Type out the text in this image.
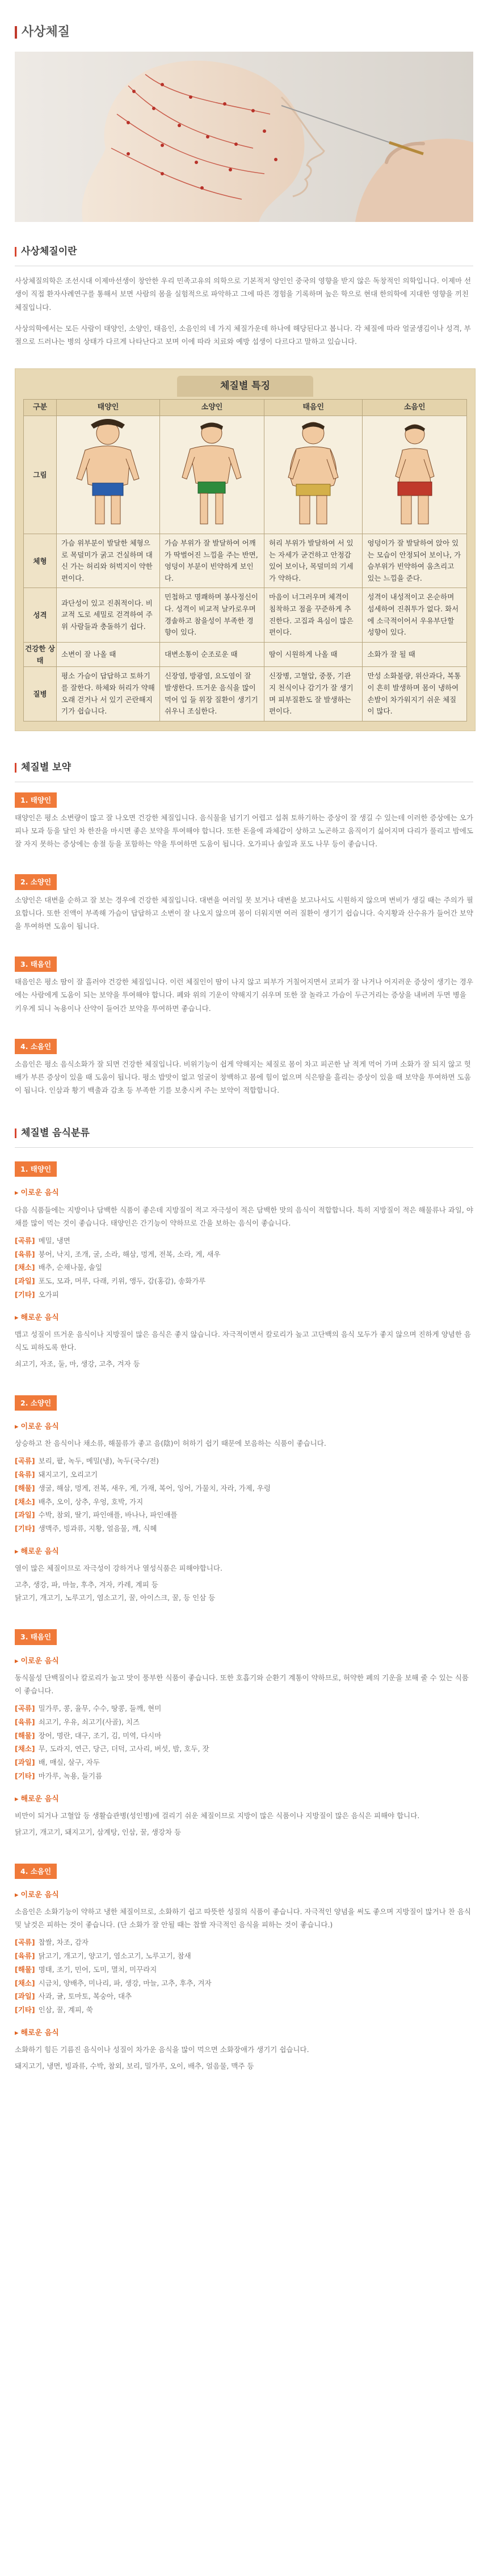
사상체질
사상체질이란

사상체질의학은 조선시대 이제마선생이 창안한 우리 민족고유의 의학으로 기본적저 양인인 중국의 영향을 받지 않은 독창적인 의학입니다. 이제마 선생이 직접 환자사례연구를 통해서 보면 사람의 몸을 실험적으로 파악하고 그에 따른 경험을 기록하며 높은 학으로 현대 한의학에 지대한 영향을 끼친 체질입니다.

사상의학에서는 모든 사람이 태양인, 소양인, 태음인, 소음인의 네 가지 체질가운데 하나에 해당된다고 봅니다. 각 체질에 따라 얼굴생김이나 성격, 부절으로 드러나는 병의 상태가 다르게 나타난다고 보며 이에 따라 치료와 예방 섭생이 다르다고 말하고 있습니다.

체질별 특징
구분	태양인	소양인	태음인	소음인
그림				
체형	가슴 위부분이 발달한 체형으로 목덜미가 굵고 건실하며 대신 가는 허리와 허벅지이 약한 편이다.	가슴 부위가 잘 발달하여 어깨가 딱벌어진 느낌을 주는 반면, 엉덩이 부분이 빈약하게 보인다.	허리 부위가 발달하여 서 있는 자세가 굳건하고 안정감 있어 보이나, 목덜미의 기세가 약하다.	엉덩이가 잘 발달하여 앉아 있는 모습이 안정되어 보이나, 가슴부위가 빈약하여 움츠리고 있는 느낌을 준다.
성격	과단성이 있고 진취적이다. 비교적 도로 세밀로 걷격하여 주위 사람들과 충돌하기 쉽다.	민첩하고 명쾌하며 봉사정신이다. 성격이 비교적 날카로우며 경솔하고 참을성이 부족한 경향이 있다.	마음이 너그러우며 체격이 침착하고 점을 꾸준하게 추진한다. 고집과 욕심이 많은 편이다.	성격이 내성적이고 온순하며 섬세하여 진취투가 없다. 화서에 소극적이어서 우유부단할 성향이 있다.
건강한 상태	소변이 잘 나올 때	대변소통이 순조로운 때	땀이 시원하게 나올 때	소화가 잘 될 때
질병	평소 가슴이 답답하고 토하기를 잘한다. 하체와 허리가 약해 오래 걷거나 서 있기 곤란해지기가 쉽습니다.	신장염, 방광염, 요도염이 잘 발생한다. 뜨거운 음식을 많이 먹어 입 들 위장 질환이 생기기 쉬우니 조심한다.	신장병, 고혈압, 중풍, 기관지 천식이나 감기가 잘 생기며 피부질환도 잘 발생하는 편이다.	만성 소화불량, 위산과다, 복통이 흔히 발생하며 몸이 냉하여 손발이 차가워지기 쉬운 체질이 많다.
체질별 보약
1. 태양인

태양인은 평소 소변량이 많고 잘 나오면 건강한 체질입니다. 음식물을 넘기기 어렵고 섭취 토하기하는 증상이 잘 생길 수 있는데 이러한 증상에는 오가피나 모과 등을 달인 차 한잔을 마시면 좋은 보약을 투여해야 합니다. 또한 돈을에 과체감이 상하고 노곤하고 움직이기 싫어지며 다리가 풀리고 밤에도 잘 자지 못하는 증상에는 송절 등을 포함하는 약을 투여하면 도움이 됩니다. 오가피나 솔잎과 포도 나무 등이 좋습니다.

2. 소양인

소양인은 대변을 순하고 잘 보는 경우에 건강한 체질입니다. 대변을 여러일 못 보거나 대변을 보고나서도 시원하지 않으며 변비가 생길 때는 주의가 필요합니다. 또한 진액이 부족해 가슴이 답답하고 소변이 잘 나오지 않으며 몸이 더워지면 여러 질환이 생기기 쉽습니다. 숙지황과 산수유가 들어간 보약을 투여하면 도움이 됩니다.

3. 태음인

태음인은 평소 땀이 잘 흘러야 건강한 체질입니다. 이런 체질인이 땀이 나지 않고 피부가 거칠어지면서 코피가 잘 나거나 어지러운 증상이 생기는 경우에는 사람에게 도움이 되는 보약을 투여해야 합니다. 폐와 위의 기운이 약해지기 쉬우며 또한 잘 놀라고 가슴이 두근거리는 증상을 내버려 두면 병을 키우게 되니 녹용이나 산약이 들어간 보약을 투여하면 좋습니다.

4. 소음인

소음인은 평소 음식소화가 잘 되면 건강한 체질입니다. 비위기능이 쉽게 약해지는 체질로 몸이 차고 피곤한 날 적게 먹어 가며 소화가 잘 되지 않고 헛배가 부른 증상이 있을 때 도움이 됩니다. 평소 밥맛이 없고 얼굴이 창백하고 몸에 힘이 없으며 식은땀을 흘리는 증상이 있을 때 보약을 투여하면 도움이 됩니다. 인삼과 황기 백출과 감초 등 부족한 기를 보충시켜 주는 보약이 적합합니다.

체질별 음식분류
1. 태양인
▸ 이로운 음식

다음 식품들에는 지방이나 담백한 식품이 좋은데 지방질이 적고 자극성이 적은 담백한 맛의 음식이 적합합니다. 특히 지방질이 적은 해물류나 과일, 야채를 많이 먹는 것이 좋습니다. 태양인은 간기능이 약하므로 간을 보하는 음식이 좋습니다.

[곡류] 메밀, 냉면
[육류] 붕어, 낙지, 조개, 굴, 소라, 해삼, 멍게, 전복, 소라, 게, 새우
[채소] 배추, 순채나물, 솔잎
[과일] 포도, 모과, 머루, 다래, 키위, 앵두, 감(홍감), 송화가루
[기타] 오가피
▸ 해로운 음식

맵고 성질이 뜨거운 음식이나 지방질이 많은 음식은 좋지 않습니다. 자극적이면서 칼로리가 높고 고단백의 음식 모두가 좋지 않으며 진하게 양념한 음식도 피하도록 한다.

쇠고기, 자조, 둘, 마, 생강, 고추, 겨자 등

2. 소양인
▸ 이로운 음식

상승하고 찬 음식이나 채소류, 해물류가 좋고 음(陰)이 허하기 쉽기 때문에 보음하는 식품이 좋습니다.

[곡류] 보리, 팥, 녹두, 메밀(냉), 녹두(국수/전)
[육류] 돼지고기, 오리고기
[해물] 생굴, 해삼, 멍게, 전복, 새우, 게, 가재, 복어, 잉어, 가물치, 자라, 가제, 우렁
[채소] 배추, 오이, 상추, 우엉, 호박, 가지
[과일] 수박, 참외, 딸기, 파인애플, 바나나, 파인애플
[기타] 생맥주, 빙과류, 지황, 얼음물, 깨, 식혜
▸ 해로운 음식

열이 많은 체질이므로 자극성이 강하거나 열성식품은 피해야합니다.

고추, 생강, 파, 마늘, 후추, 겨자, 카레, 계피 등
닭고기, 개고기, 노루고기, 염소고기, 꿀, 아이스크, 꿀, 등 인삼 등

3. 태음인
▸ 이로운 음식

동식물성 단백질이나 칼로리가 높고 맛이 풍부한 식품이 좋습니다. 또한 호흡기와 순환기 계통이 약하므로, 허약한 폐의 기운을 보해 줄 수 있는 식품이 좋습니다.

[곡류] 밀가루, 콩, 율무, 수수, 땅콩, 들깨, 현미
[육류] 쇠고기, 우유, 쇠고기(사골), 치즈
[해물] 장어, 명란, 대구, 조기, 김, 미역, 다시마
[채소] 무, 도라지, 연근, 당근, 더덕, 고사리, 버섯, 밤, 호두, 잣
[과일] 배, 매실, 살구, 자두
[기타] 마가루, 녹용, 들기름
▸ 해로운 음식

비만이 되거나 고혈압 등 생활습관병(성인병)에 걸리기 쉬운 체질이므로 지방이 많은 식품이나 지방질이 많은 음식은 피해야 합니다.

닭고기, 개고기, 돼지고기, 삼계탕, 인삼, 꿀, 생강차 등

4. 소음인
▸ 이로운 음식

소음인은 소화기능이 약하고 냉한 체질이므로, 소화하기 쉽고 따뜻한 성질의 식품이 좋습니다. 자극적인 양념을 써도 좋으며 지방질이 많거나 찬 음식 및 날것은 피하는 것이 좋습니다. (단 소화가 잘 안될 때는 찹쌀 자극적인 음식을 피하는 것이 좋습니다.)

[곡류] 찹쌀, 차조, 감자
[육류] 닭고기, 개고기, 양고기, 염소고기, 노루고기, 참새
[해물] 명태, 조기, 민어, 도미, 멸치, 미꾸라지
[채소] 시금치, 양배추, 미나리, 파, 생강, 마늘, 고추, 후추, 겨자
[과일] 사과, 귤, 토마토, 복숭아, 대추
[기타] 인삼, 꿀, 계피, 쑥
▸ 해로운 음식

소화하기 힘든 기름진 음식이나 성질이 차가운 음식을 많이 먹으면 소화장애가 생기기 쉽습니다.

돼지고기, 냉면, 빙과류, 수박, 참외, 보리, 밀가루, 오이, 배추, 얼음물, 맥주 등
